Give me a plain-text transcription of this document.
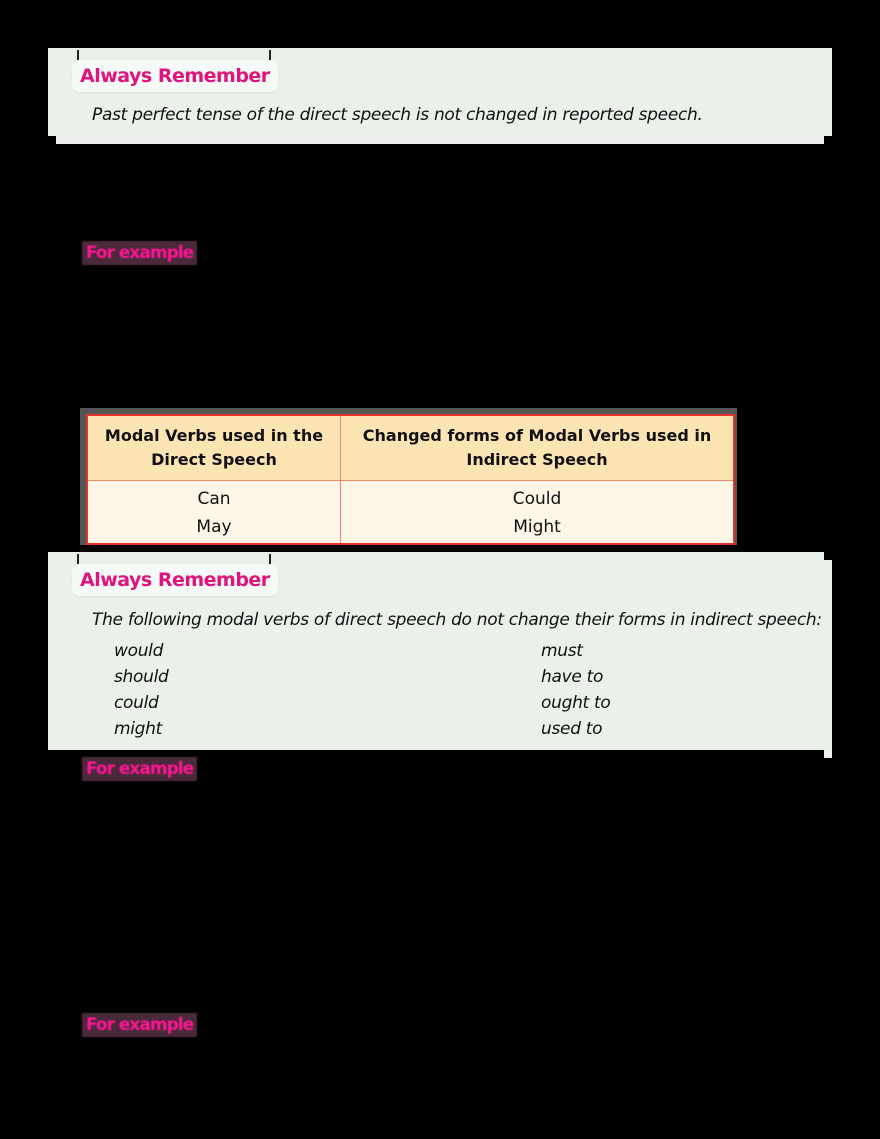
Always Remember
Past perfect tense of the direct speech is not changed in reported speech.
For example
Modal Verbs used in the Direct Speech	Changed forms of Modal Verbs used in Indirect Speech
Can	Could
May	Might
Always Remember
The following modal verbs of direct speech do not change their forms in indirect speech:
would
should
could
might
must
have to
ought to
used to
For example
For example
